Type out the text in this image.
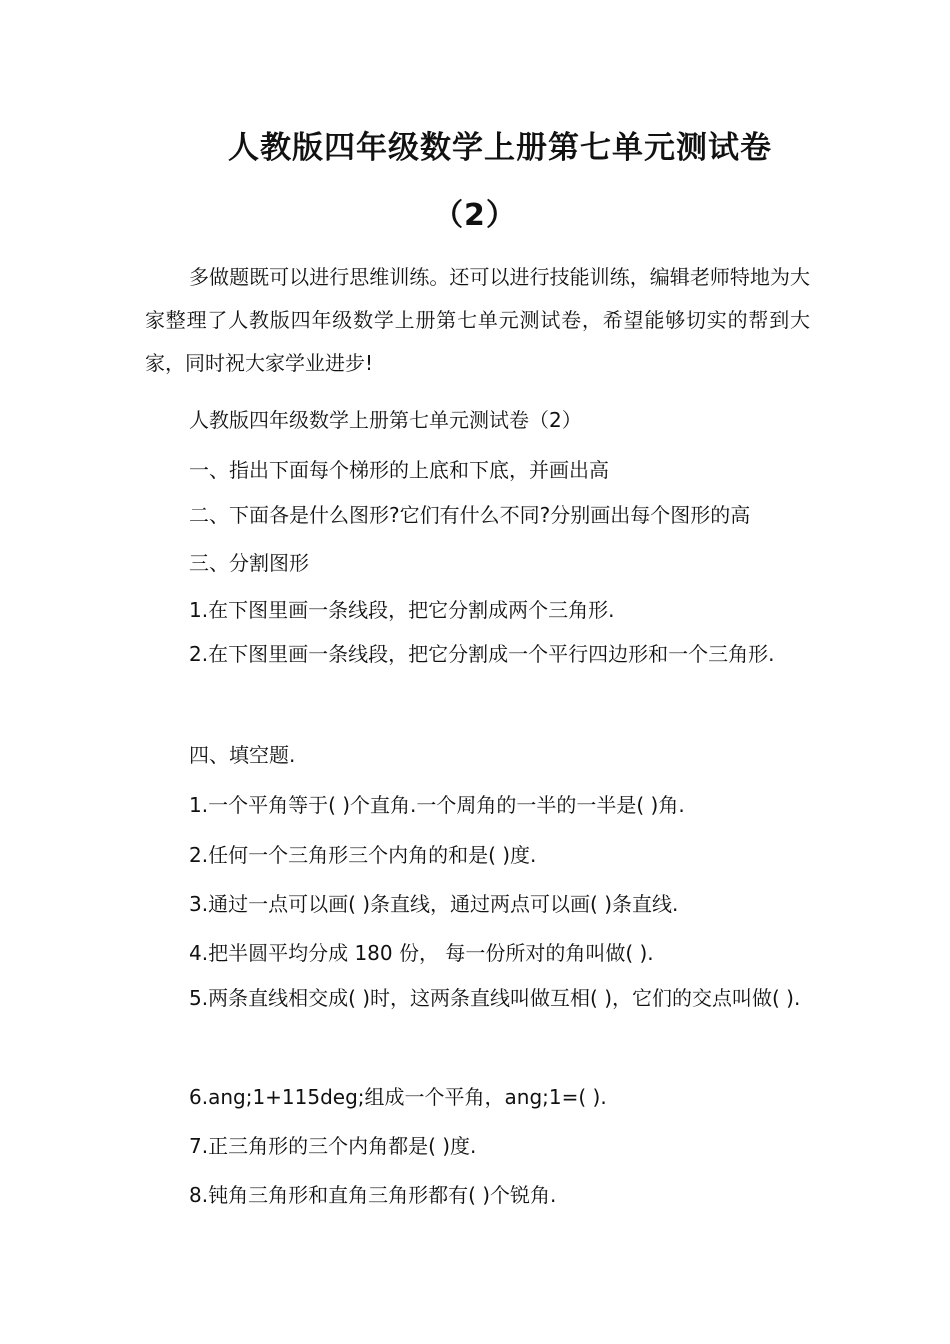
人教版四年级数学上册第七单元测试卷
（2）
多做题既可以进行思维训练。还可以进行技能训练，编辑老师特地为大家整理了人教版四年级数学上册第七单元测试卷，希望能够切实的帮到大家，同时祝大家学业进步!
人教版四年级数学上册第七单元测试卷（2）
一、指出下面每个梯形的上底和下底，并画出高
二、下面各是什么图形?它们有什么不同?分别画出每个图形的高
三、分割图形
1.在下图里画一条线段，把它分割成两个三角形.
2.在下图里画一条线段，把它分割成一个平行四边形和一个三角形.
四、填空题.
1.一个平角等于( )个直角.一个周角的一半的一半是( )角.
2.任何一个三角形三个内角的和是( )度.
3.通过一点可以画( )条直线，通过两点可以画( )条直线.
4.把半圆平均分成 180 份， 每一份所对的角叫做( ).
5.两条直线相交成( )时，这两条直线叫做互相( )，它们的交点叫做( ).
6.ang;1+115deg;组成一个平角，ang;1=( ).
7.正三角形的三个内角都是( )度.
8.钝角三角形和直角三角形都有( )个锐角.
